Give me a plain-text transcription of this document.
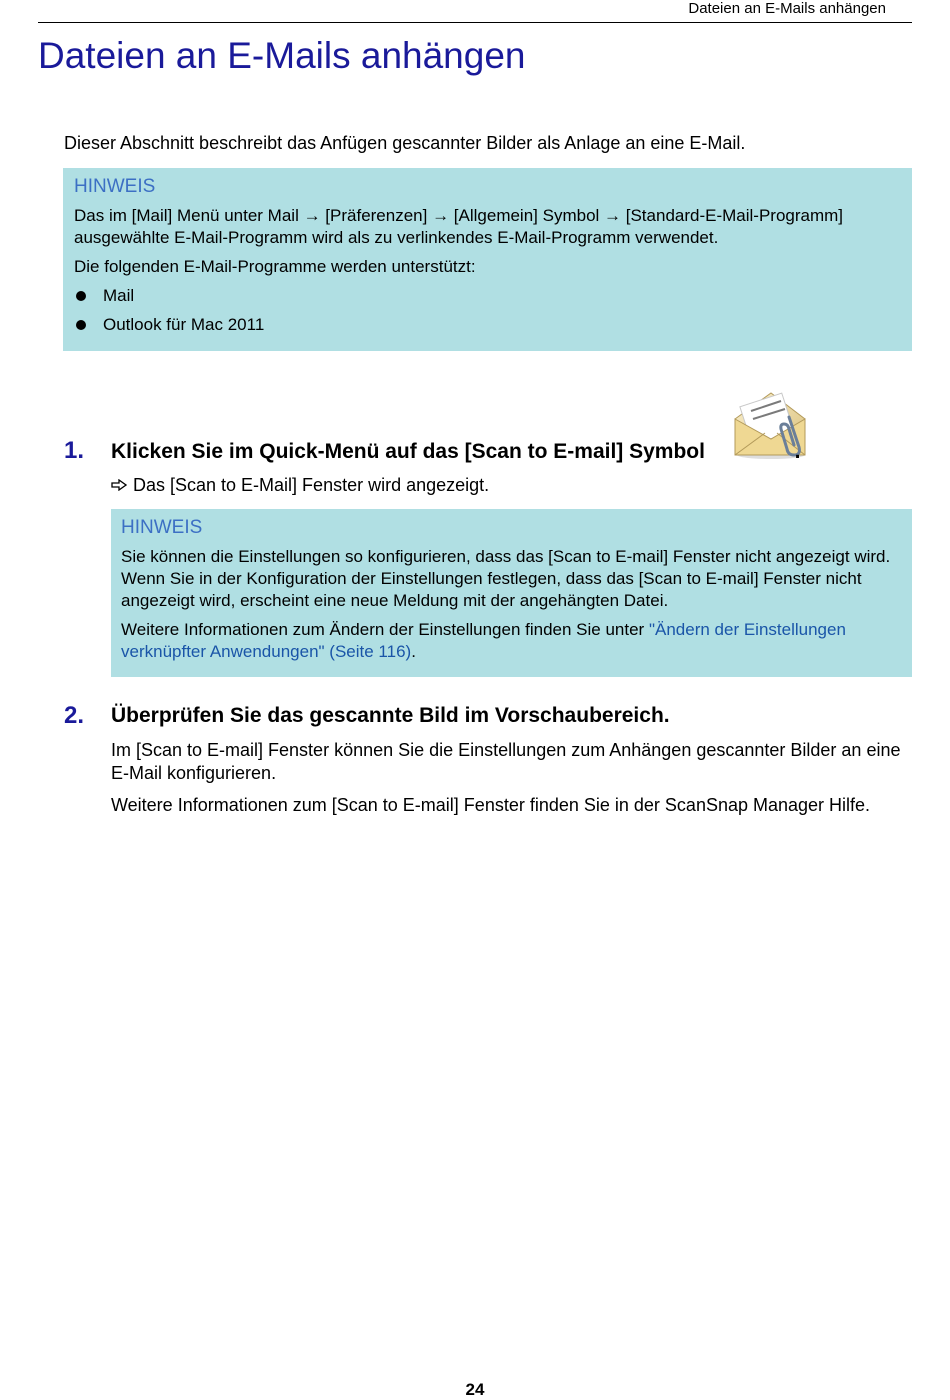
Dateien an E-Mails anhängen
Dateien an E-Mails anhängen

Dieser Abschnitt beschreibt das Anfügen gescannter Bilder als Anlage an eine E-Mail.

HINWEIS

Das im [Mail] Menü unter Mail → [Präferenzen] → [Allgemein] Symbol → [Standard-E-Mail-Programm] ausgewählte E-Mail-Programm wird als zu verlinkendes E-Mail-Programm verwendet.

Die folgenden E-Mail-Programme werden unterstützt:

Mail
Outlook für Mac 2011
1. Klicken Sie im Quick-Menü auf das [Scan to E-mail] Symbol	.
Das [Scan to E-Mail] Fenster wird angezeigt.
HINWEIS

Sie können die Einstellungen so konfigurieren, dass das [Scan to E-mail] Fenster nicht angezeigt wird. Wenn Sie in der Konfiguration der Einstellungen festlegen, dass das [Scan to E-mail] Fenster nicht angezeigt wird, erscheint eine neue Meldung mit der angehängten Datei.

Weitere Informationen zum Ändern der Einstellungen finden Sie unter "Ändern der Einstellungen verknüpfter Anwendungen" (Seite 116).

2. Überprüfen Sie das gescannte Bild im Vorschaubereich.

Im [Scan to E-mail] Fenster können Sie die Einstellungen zum Anhängen gescannter Bilder an eine E-Mail konfigurieren.

Weitere Informationen zum [Scan to E-mail] Fenster finden Sie in der ScanSnap Manager Hilfe.

24
